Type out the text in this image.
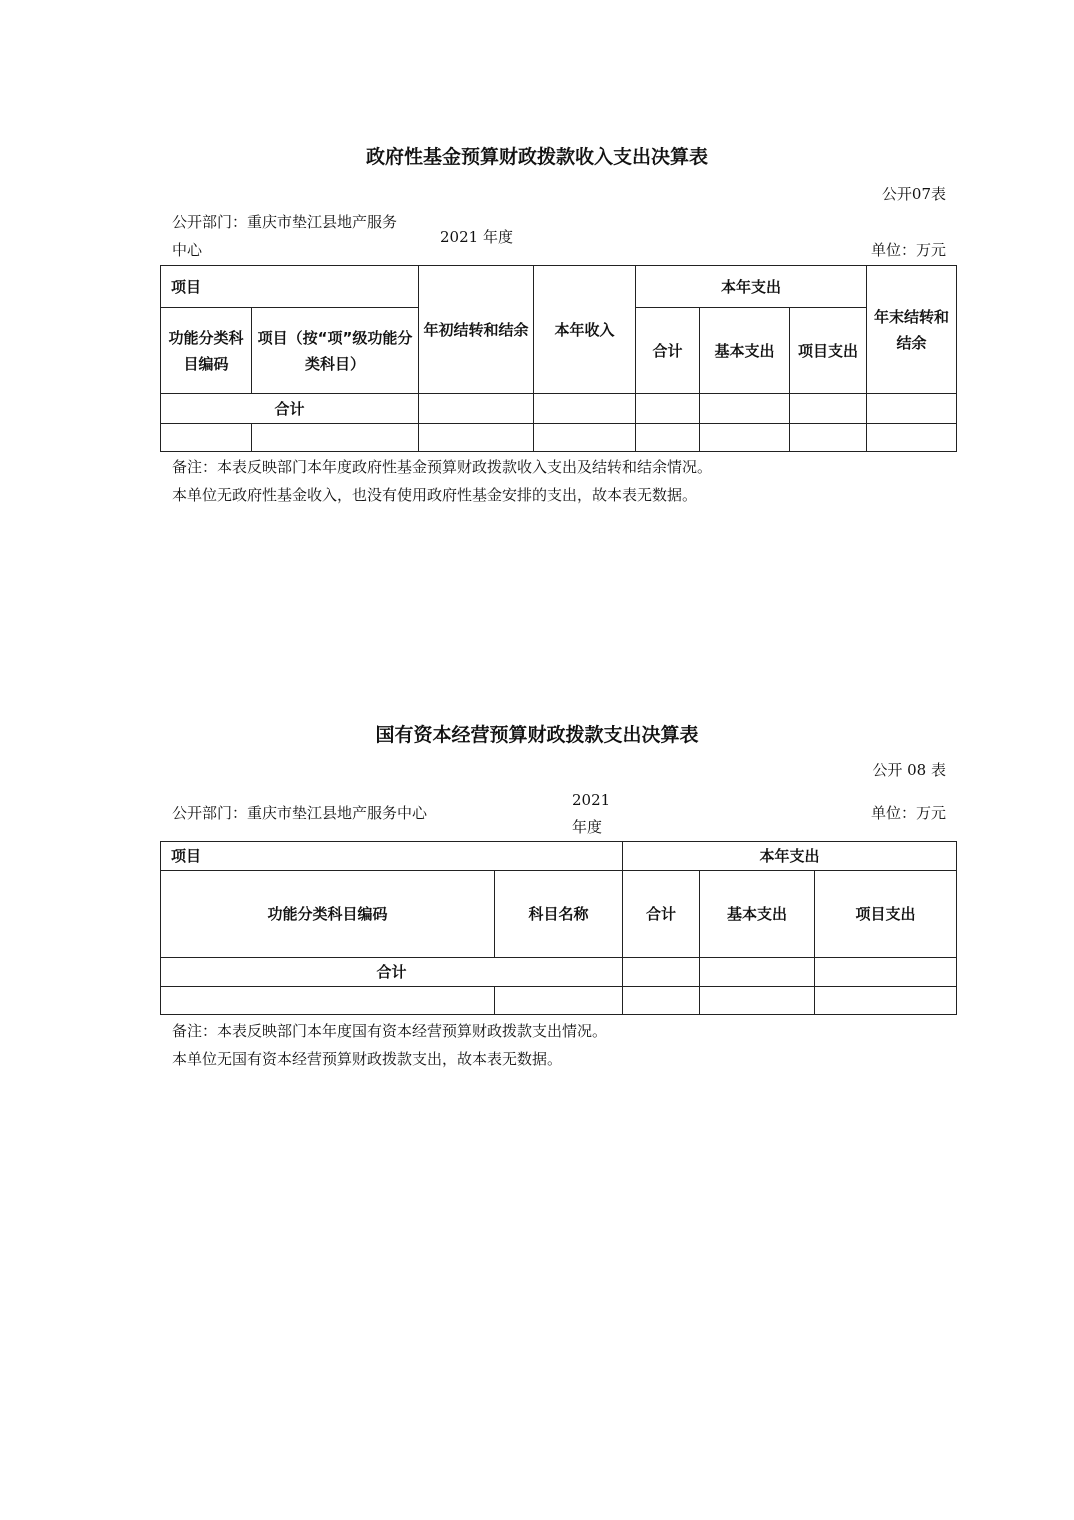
政府性基金预算财政拨款收入支出决算表
公开07表
公开部门：重庆市垫江县地产服务
中心
2021 年度
单位：万元
项目		年初结转和结余	本年收入	本年支出			年末结转和结余
功能分类科目编码	项目（按“项”级功能分类科目）			合计	基本支出	项目支出	
合计							

备注：本表反映部门本年度政府性基金预算财政拨款收入支出及结转和结余情况。
本单位无政府性基金收入，也没有使用政府性基金安排的支出，故本表无数据。
国有资本经营预算财政拨款支出决算表
公开 08 表
2021
年度
公开部门：重庆市垫江县地产服务中心	单位：万元
项目		本年支出		
功能分类科目编码	科目名称	合计	基本支出	项目支出
合计				

备注：本表反映部门本年度国有资本经营预算财政拨款支出情况。
本单位无国有资本经营预算财政拨款支出，故本表无数据。
